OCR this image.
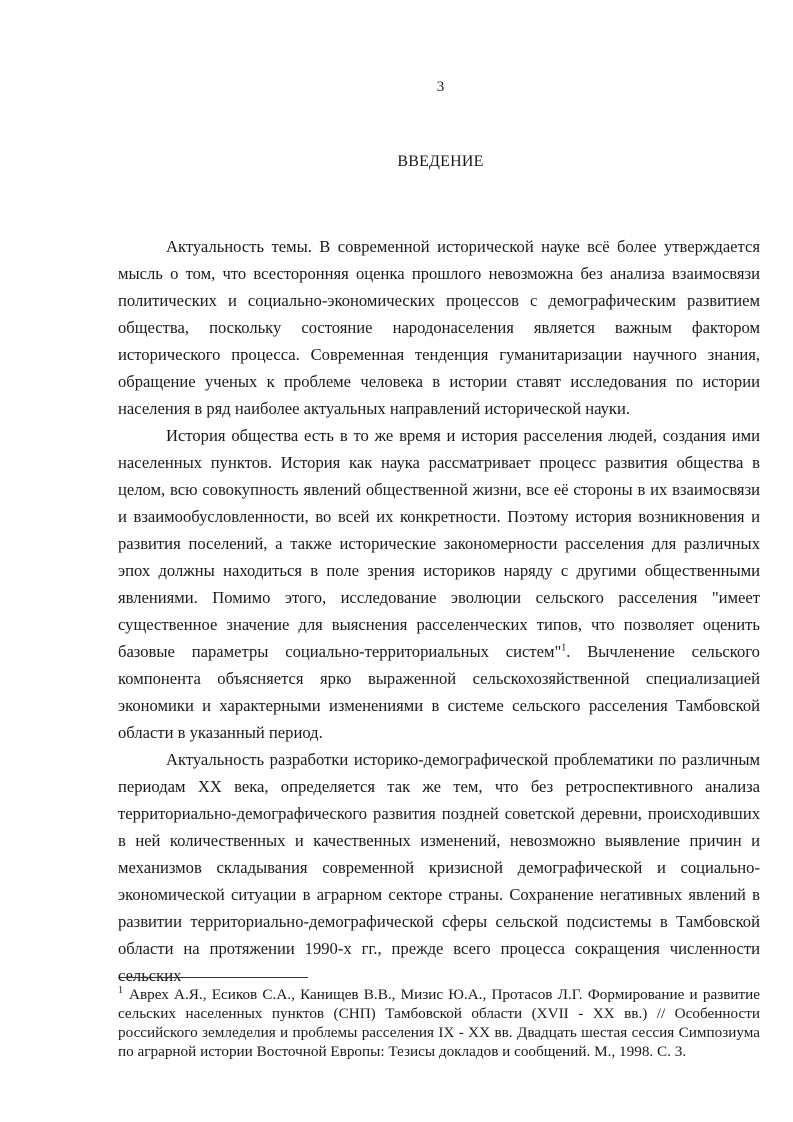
3
ВВЕДЕНИЕ

Актуальность темы. В современной исторической науке всё более утверждается мысль о том, что всесторонняя оценка прошлого невозможна без анализа взаимосвязи политических и социально-экономических процессов с демографическим развитием общества, поскольку состояние народонаселения является важным фактором исторического процесса. Современная тенденция гуманитаризации научного знания, обращение ученых к проблеме человека в истории ставят исследования по истории населения в ряд наиболее актуальных направлений исторической науки.

История общества есть в то же время и история расселения людей, создания ими населенных пунктов. История как наука рассматривает процесс развития общества в целом, всю совокупность явлений общественной жизни, все её стороны в их взаимосвязи и взаимообусловленности, во всей их конкретности. Поэтому история возникновения и развития поселений, а также исторические закономерности расселения для различных эпох должны находиться в поле зрения историков наряду с другими общественными явлениями. Помимо этого, исследование эволюции сельского расселения "имеет существенное значение для выяснения расселенческих типов, что позволяет оценить базовые параметры социально-территориальных систем"$^1$. Вычленение сельского компонента объясняется ярко выраженной сельскохозяйственной специализацией экономики и характерными изменениями в системе сельского расселения Тамбовской области в указанный период.

Актуальность разработки историко-демографической проблематики по различным периодам XX века, определяется так же тем, что без ретроспективного анализа территориально-демографического развития поздней советской деревни, происходивших в ней количественных и качественных изменений, невозможно выявление причин и механизмов складывания современной кризисной демографической и социально-экономической ситуации в аграрном секторе страны. Сохранение негативных явлений в развитии территориально-демографической сферы сельской подсистемы в Тамбовской области на протяжении 1990-х гг., прежде всего процесса сокращения численности сельских

$^1$ Аврех А.Я., Есиков С.А., Канищев В.В., Мизис Ю.А., Протасов Л.Г. Формирование и развитие сельских населенных пунктов (СНП) Тамбовской области (XVII - XX вв.) // Особенности российского земледелия и проблемы расселения IX - XX вв. Двадцать шестая сессия Симпозиума по аграрной истории Восточной Европы: Тезисы докладов и сообщений. М., 1998. С. 3.
